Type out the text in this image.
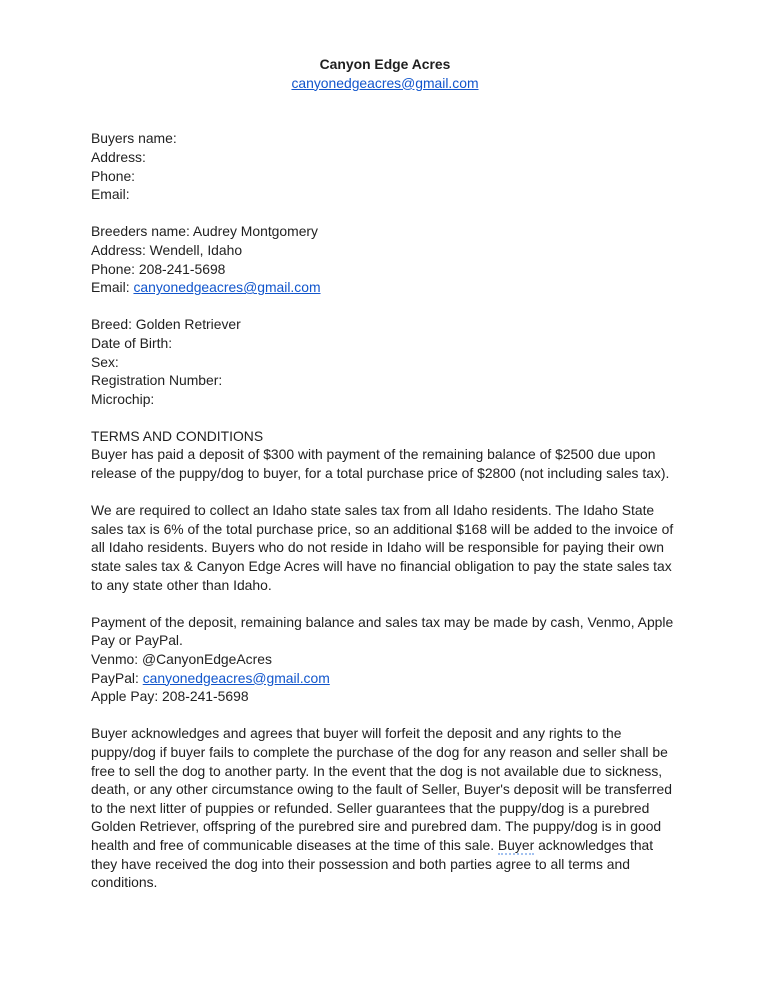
Canyon Edge Acres
canyonedgeacres@gmail.com
Buyers name:
Address:
Phone:
Email:
Breeders name: Audrey Montgomery
Address: Wendell, Idaho
Phone: 208-241-5698
Email: canyonedgeacres@gmail.com
Breed: Golden Retriever
Date of Birth:
Sex:
Registration Number:
Microchip:
TERMS AND CONDITIONS
Buyer has paid a deposit of $300 with payment of the remaining balance of $2500 due upon
release of the puppy/dog to buyer, for a total purchase price of $2800 (not including sales tax).
We are required to collect an Idaho state sales tax from all Idaho residents. The Idaho State
sales tax is 6% of the total purchase price, so an additional $168 will be added to the invoice of
all Idaho residents. Buyers who do not reside in Idaho will be responsible for paying their own
state sales tax & Canyon Edge Acres will have no financial obligation to pay the state sales tax
to any state other than Idaho.
Payment of the deposit, remaining balance and sales tax may be made by cash, Venmo, Apple
Pay or PayPal.
Venmo: @CanyonEdgeAcres
PayPal: canyonedgeacres@gmail.com
Apple Pay: 208-241-5698
Buyer acknowledges and agrees that buyer will forfeit the deposit and any rights to the
puppy/dog if buyer fails to complete the purchase of the dog for any reason and seller shall be
free to sell the dog to another party. In the event that the dog is not available due to sickness,
death, or any other circumstance owing to the fault of Seller, Buyer's deposit will be transferred
to the next litter of puppies or refunded. Seller guarantees that the puppy/dog is a purebred
Golden Retriever, offspring of the purebred sire and purebred dam. The puppy/dog is in good
health and free of communicable diseases at the time of this sale. Buyer acknowledges that
they have received the dog into their possession and both parties agree to all terms and
conditions.
